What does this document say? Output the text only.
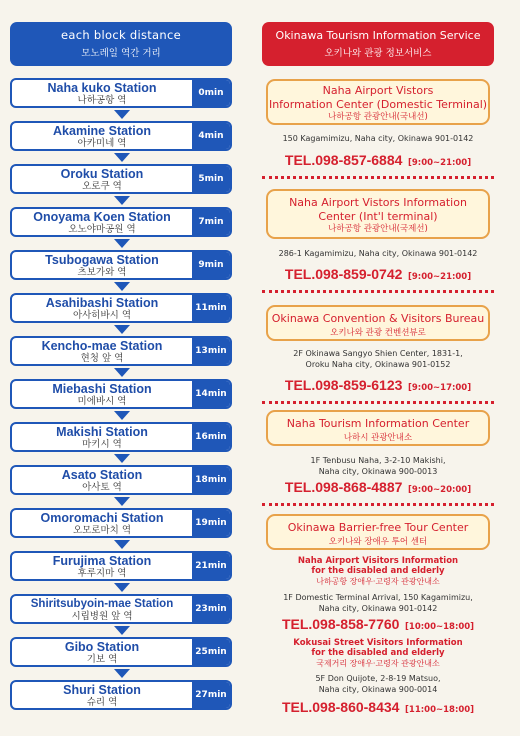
each block distance
모노레일 역간 거리
Naha kuko Station
나하공항 역
0min
Akamine Station
아카미네 역
4min
Oroku Station
오로쿠 역
5min
Onoyama Koen Station
오노야마공원 역
7min
Tsubogawa Station
츠보가와 역
9min
Asahibashi Station
아사히바시 역
11min
Kencho-mae Station
현청 앞 역
13min
Miebashi Station
미에바시 역
14min
Makishi Station
마키시 역
16min
Asato Station
아사토 역
18min
Omoromachi Station
오모로마치 역
19min
Furujima Station
후루지마 역
21min
Shiritsubyoin-mae Station
시립병원 앞 역
23min
Gibo Station
기보 역
25min
Shuri Station
슈리 역
27min
Okinawa Tourism Information Service
오키나와 관광 정보서비스
Naha Airport Vistors
Information Center (Domestic Terminal)
나하공항 관광안내(국내선)
150 Kagamimizu, Naha city, Okinawa 901-0142
TEL.098-857-6884 [9:00~21:00]
Naha Airport Vistors Information
Center (Int'l terminal)
나하공항 관광안내(국제선)
286-1 Kagamimizu, Naha city, Okinawa 901-0142
TEL.098-859-0742 [9:00~21:00]
Okinawa Convention & Visitors Bureau
오키나와 관광 컨벤션뷰로
2F Okinawa Sangyo Shien Center, 1831-1,
Oroku Naha city, Okinawa 901-0152
TEL.098-859-6123 [9:00~17:00]
Naha Tourism Information Center
나하시 관광안내소
1F Tenbusu Naha, 3-2-10 Makishi,
Naha city, Okinawa 900-0013
TEL.098-868-4887 [9:00~20:00]
Okinawa Barrier-free Tour Center
오키나와 장애우 투어 센터
Naha Airport Visitors Information
for the disabled and elderly
나하공항 장애우·고령자 관광안내소
1F Domestic Terminal Arrival, 150 Kagamimizu,
Naha city, Okinawa 901-0142
TEL.098-858-7760 [10:00~18:00]
Kokusai Street Visitors Information
for the disabled and elderly
국제거리 장애우·고령자 관광안내소
5F Don Quijote, 2-8-19 Matsuo,
Naha city, Okinawa 900-0014
TEL.098-860-8434 [11:00~18:00]
